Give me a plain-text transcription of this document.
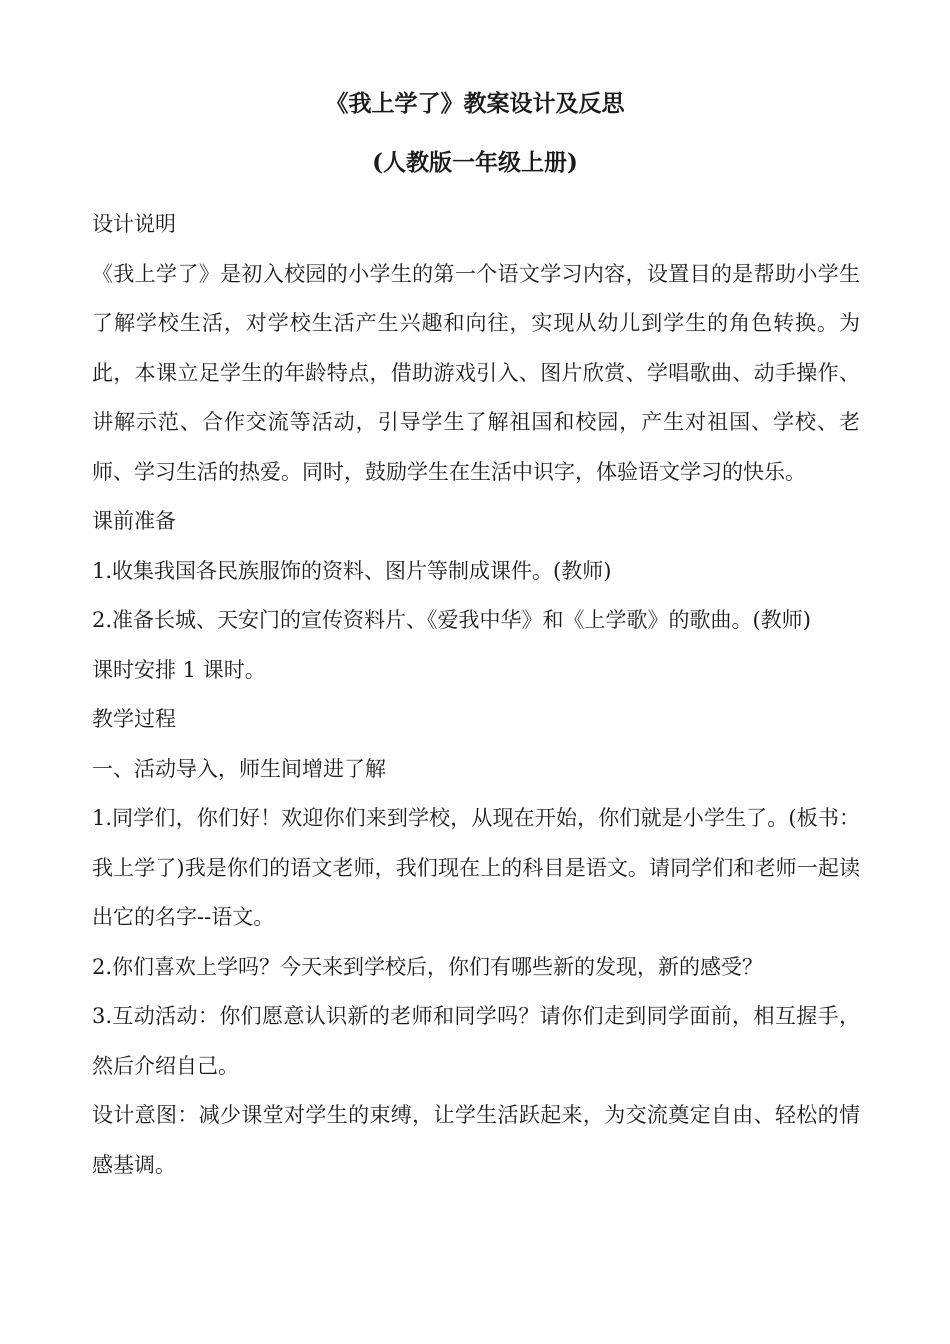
《我上学了》教案设计及反思
(人教版一年级上册)

设计说明

《我上学了》是初入校园的小学生的第一个语文学习内容，设置目的是帮助小学生了解学校生活，对学校生活产生兴趣和向往，实现从幼儿到学生的角色转换。为此，本课立足学生的年龄特点，借助游戏引入、图片欣赏、学唱歌曲、动手操作、讲解示范、合作交流等活动，引导学生了解祖国和校园，产生对祖国、学校、老师、学习生活的热爱。同时，鼓励学生在生活中识字，体验语文学习的快乐。

课前准备

1.收集我国各民族服饰的资料、图片等制成课件。(教师)

2.准备长城、天安门的宣传资料片、《爱我中华》和《上学歌》的歌曲。(教师)

课时安排 1 课时。

教学过程

一、活动导入，师生间增进了解

1.同学们，你们好！欢迎你们来到学校，从现在开始，你们就是小学生了。(板书：我上学了)我是你们的语文老师，我们现在上的科目是语文。请同学们和老师一起读出它的名字--语文。

2.你们喜欢上学吗？今天来到学校后，你们有哪些新的发现，新的感受？

3.互动活动：你们愿意认识新的老师和同学吗？请你们走到同学面前，相互握手，然后介绍自己。

设计意图：减少课堂对学生的束缚，让学生活跃起来，为交流奠定自由、轻松的情感基调。
